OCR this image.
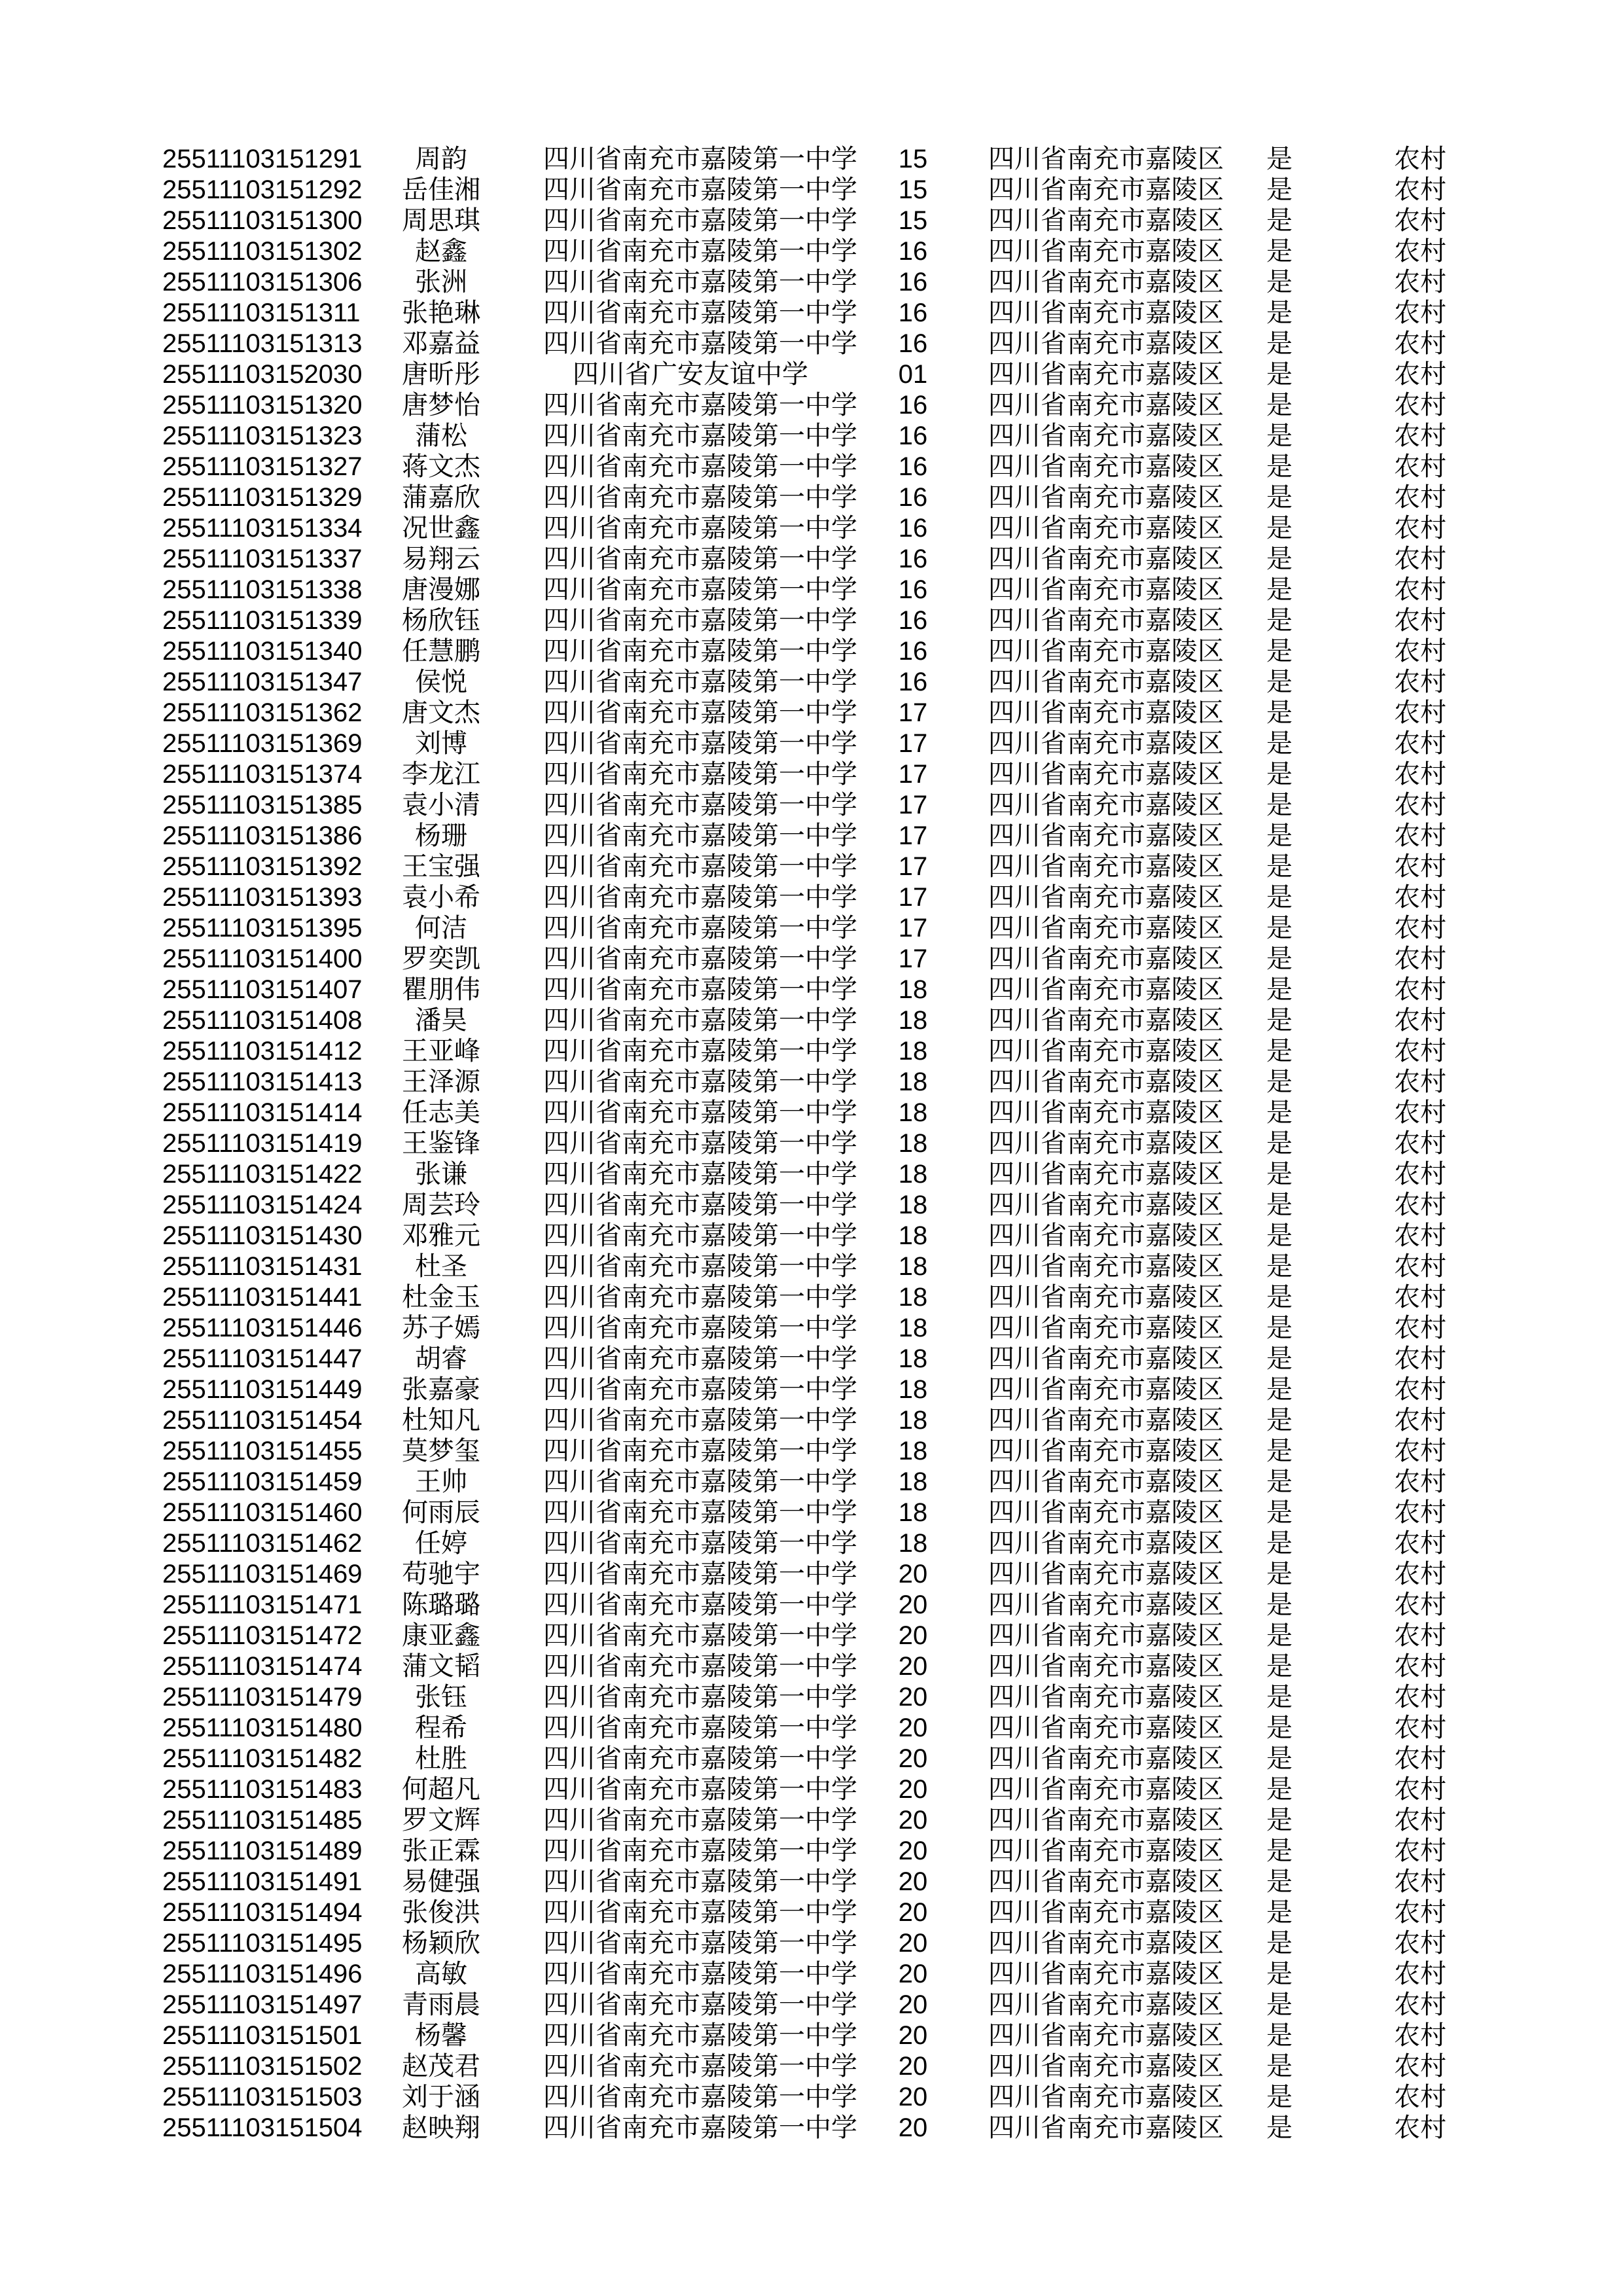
	25511103151291	周韵	四川省南充市嘉陵第一中学	15	四川省南充市嘉陵区	是	农村	
	25511103151292	岳佳湘	四川省南充市嘉陵第一中学	15	四川省南充市嘉陵区	是	农村	
	25511103151300	周思琪	四川省南充市嘉陵第一中学	15	四川省南充市嘉陵区	是	农村	
	25511103151302	赵鑫	四川省南充市嘉陵第一中学	16	四川省南充市嘉陵区	是	农村	
	25511103151306	张洲	四川省南充市嘉陵第一中学	16	四川省南充市嘉陵区	是	农村	
	25511103151311	张艳琳	四川省南充市嘉陵第一中学	16	四川省南充市嘉陵区	是	农村	
	25511103151313	邓嘉益	四川省南充市嘉陵第一中学	16	四川省南充市嘉陵区	是	农村	
	25511103152030	唐昕彤	四川省广安友谊中学	01	四川省南充市嘉陵区	是	农村	
	25511103151320	唐梦怡	四川省南充市嘉陵第一中学	16	四川省南充市嘉陵区	是	农村	
	25511103151323	蒲松	四川省南充市嘉陵第一中学	16	四川省南充市嘉陵区	是	农村	
	25511103151327	蒋文杰	四川省南充市嘉陵第一中学	16	四川省南充市嘉陵区	是	农村	
	25511103151329	蒲嘉欣	四川省南充市嘉陵第一中学	16	四川省南充市嘉陵区	是	农村	
	25511103151334	况世鑫	四川省南充市嘉陵第一中学	16	四川省南充市嘉陵区	是	农村	
	25511103151337	易翔云	四川省南充市嘉陵第一中学	16	四川省南充市嘉陵区	是	农村	
	25511103151338	唐漫娜	四川省南充市嘉陵第一中学	16	四川省南充市嘉陵区	是	农村	
	25511103151339	杨欣钰	四川省南充市嘉陵第一中学	16	四川省南充市嘉陵区	是	农村	
	25511103151340	任慧鹏	四川省南充市嘉陵第一中学	16	四川省南充市嘉陵区	是	农村	
	25511103151347	侯悦	四川省南充市嘉陵第一中学	16	四川省南充市嘉陵区	是	农村	
	25511103151362	唐文杰	四川省南充市嘉陵第一中学	17	四川省南充市嘉陵区	是	农村	
	25511103151369	刘博	四川省南充市嘉陵第一中学	17	四川省南充市嘉陵区	是	农村	
	25511103151374	李龙江	四川省南充市嘉陵第一中学	17	四川省南充市嘉陵区	是	农村	
	25511103151385	袁小清	四川省南充市嘉陵第一中学	17	四川省南充市嘉陵区	是	农村	
	25511103151386	杨珊	四川省南充市嘉陵第一中学	17	四川省南充市嘉陵区	是	农村	
	25511103151392	王宝强	四川省南充市嘉陵第一中学	17	四川省南充市嘉陵区	是	农村	
	25511103151393	袁小希	四川省南充市嘉陵第一中学	17	四川省南充市嘉陵区	是	农村	
	25511103151395	何洁	四川省南充市嘉陵第一中学	17	四川省南充市嘉陵区	是	农村	
	25511103151400	罗奕凯	四川省南充市嘉陵第一中学	17	四川省南充市嘉陵区	是	农村	
	25511103151407	瞿朋伟	四川省南充市嘉陵第一中学	18	四川省南充市嘉陵区	是	农村	
	25511103151408	潘昊	四川省南充市嘉陵第一中学	18	四川省南充市嘉陵区	是	农村	
	25511103151412	王亚峰	四川省南充市嘉陵第一中学	18	四川省南充市嘉陵区	是	农村	
	25511103151413	王泽源	四川省南充市嘉陵第一中学	18	四川省南充市嘉陵区	是	农村	
	25511103151414	任志美	四川省南充市嘉陵第一中学	18	四川省南充市嘉陵区	是	农村	
	25511103151419	王鉴锋	四川省南充市嘉陵第一中学	18	四川省南充市嘉陵区	是	农村	
	25511103151422	张谦	四川省南充市嘉陵第一中学	18	四川省南充市嘉陵区	是	农村	
	25511103151424	周芸玲	四川省南充市嘉陵第一中学	18	四川省南充市嘉陵区	是	农村	
	25511103151430	邓雅元	四川省南充市嘉陵第一中学	18	四川省南充市嘉陵区	是	农村	
	25511103151431	杜圣	四川省南充市嘉陵第一中学	18	四川省南充市嘉陵区	是	农村	
	25511103151441	杜金玉	四川省南充市嘉陵第一中学	18	四川省南充市嘉陵区	是	农村	
	25511103151446	苏子嫣	四川省南充市嘉陵第一中学	18	四川省南充市嘉陵区	是	农村	
	25511103151447	胡睿	四川省南充市嘉陵第一中学	18	四川省南充市嘉陵区	是	农村	
	25511103151449	张嘉豪	四川省南充市嘉陵第一中学	18	四川省南充市嘉陵区	是	农村	
	25511103151454	杜知凡	四川省南充市嘉陵第一中学	18	四川省南充市嘉陵区	是	农村	
	25511103151455	莫梦玺	四川省南充市嘉陵第一中学	18	四川省南充市嘉陵区	是	农村	
	25511103151459	王帅	四川省南充市嘉陵第一中学	18	四川省南充市嘉陵区	是	农村	
	25511103151460	何雨辰	四川省南充市嘉陵第一中学	18	四川省南充市嘉陵区	是	农村	
	25511103151462	任婷	四川省南充市嘉陵第一中学	18	四川省南充市嘉陵区	是	农村	
	25511103151469	苟驰宇	四川省南充市嘉陵第一中学	20	四川省南充市嘉陵区	是	农村	
	25511103151471	陈璐璐	四川省南充市嘉陵第一中学	20	四川省南充市嘉陵区	是	农村	
	25511103151472	康亚鑫	四川省南充市嘉陵第一中学	20	四川省南充市嘉陵区	是	农村	
	25511103151474	蒲文韬	四川省南充市嘉陵第一中学	20	四川省南充市嘉陵区	是	农村	
	25511103151479	张钰	四川省南充市嘉陵第一中学	20	四川省南充市嘉陵区	是	农村	
	25511103151480	程希	四川省南充市嘉陵第一中学	20	四川省南充市嘉陵区	是	农村	
	25511103151482	杜胜	四川省南充市嘉陵第一中学	20	四川省南充市嘉陵区	是	农村	
	25511103151483	何超凡	四川省南充市嘉陵第一中学	20	四川省南充市嘉陵区	是	农村	
	25511103151485	罗文辉	四川省南充市嘉陵第一中学	20	四川省南充市嘉陵区	是	农村	
	25511103151489	张正霖	四川省南充市嘉陵第一中学	20	四川省南充市嘉陵区	是	农村	
	25511103151491	易健强	四川省南充市嘉陵第一中学	20	四川省南充市嘉陵区	是	农村	
	25511103151494	张俊洪	四川省南充市嘉陵第一中学	20	四川省南充市嘉陵区	是	农村	
	25511103151495	杨颖欣	四川省南充市嘉陵第一中学	20	四川省南充市嘉陵区	是	农村	
	25511103151496	高敏	四川省南充市嘉陵第一中学	20	四川省南充市嘉陵区	是	农村	
	25511103151497	青雨晨	四川省南充市嘉陵第一中学	20	四川省南充市嘉陵区	是	农村	
	25511103151501	杨馨	四川省南充市嘉陵第一中学	20	四川省南充市嘉陵区	是	农村	
	25511103151502	赵茂君	四川省南充市嘉陵第一中学	20	四川省南充市嘉陵区	是	农村	
	25511103151503	刘于涵	四川省南充市嘉陵第一中学	20	四川省南充市嘉陵区	是	农村	
	25511103151504	赵映翔	四川省南充市嘉陵第一中学	20	四川省南充市嘉陵区	是	农村	
